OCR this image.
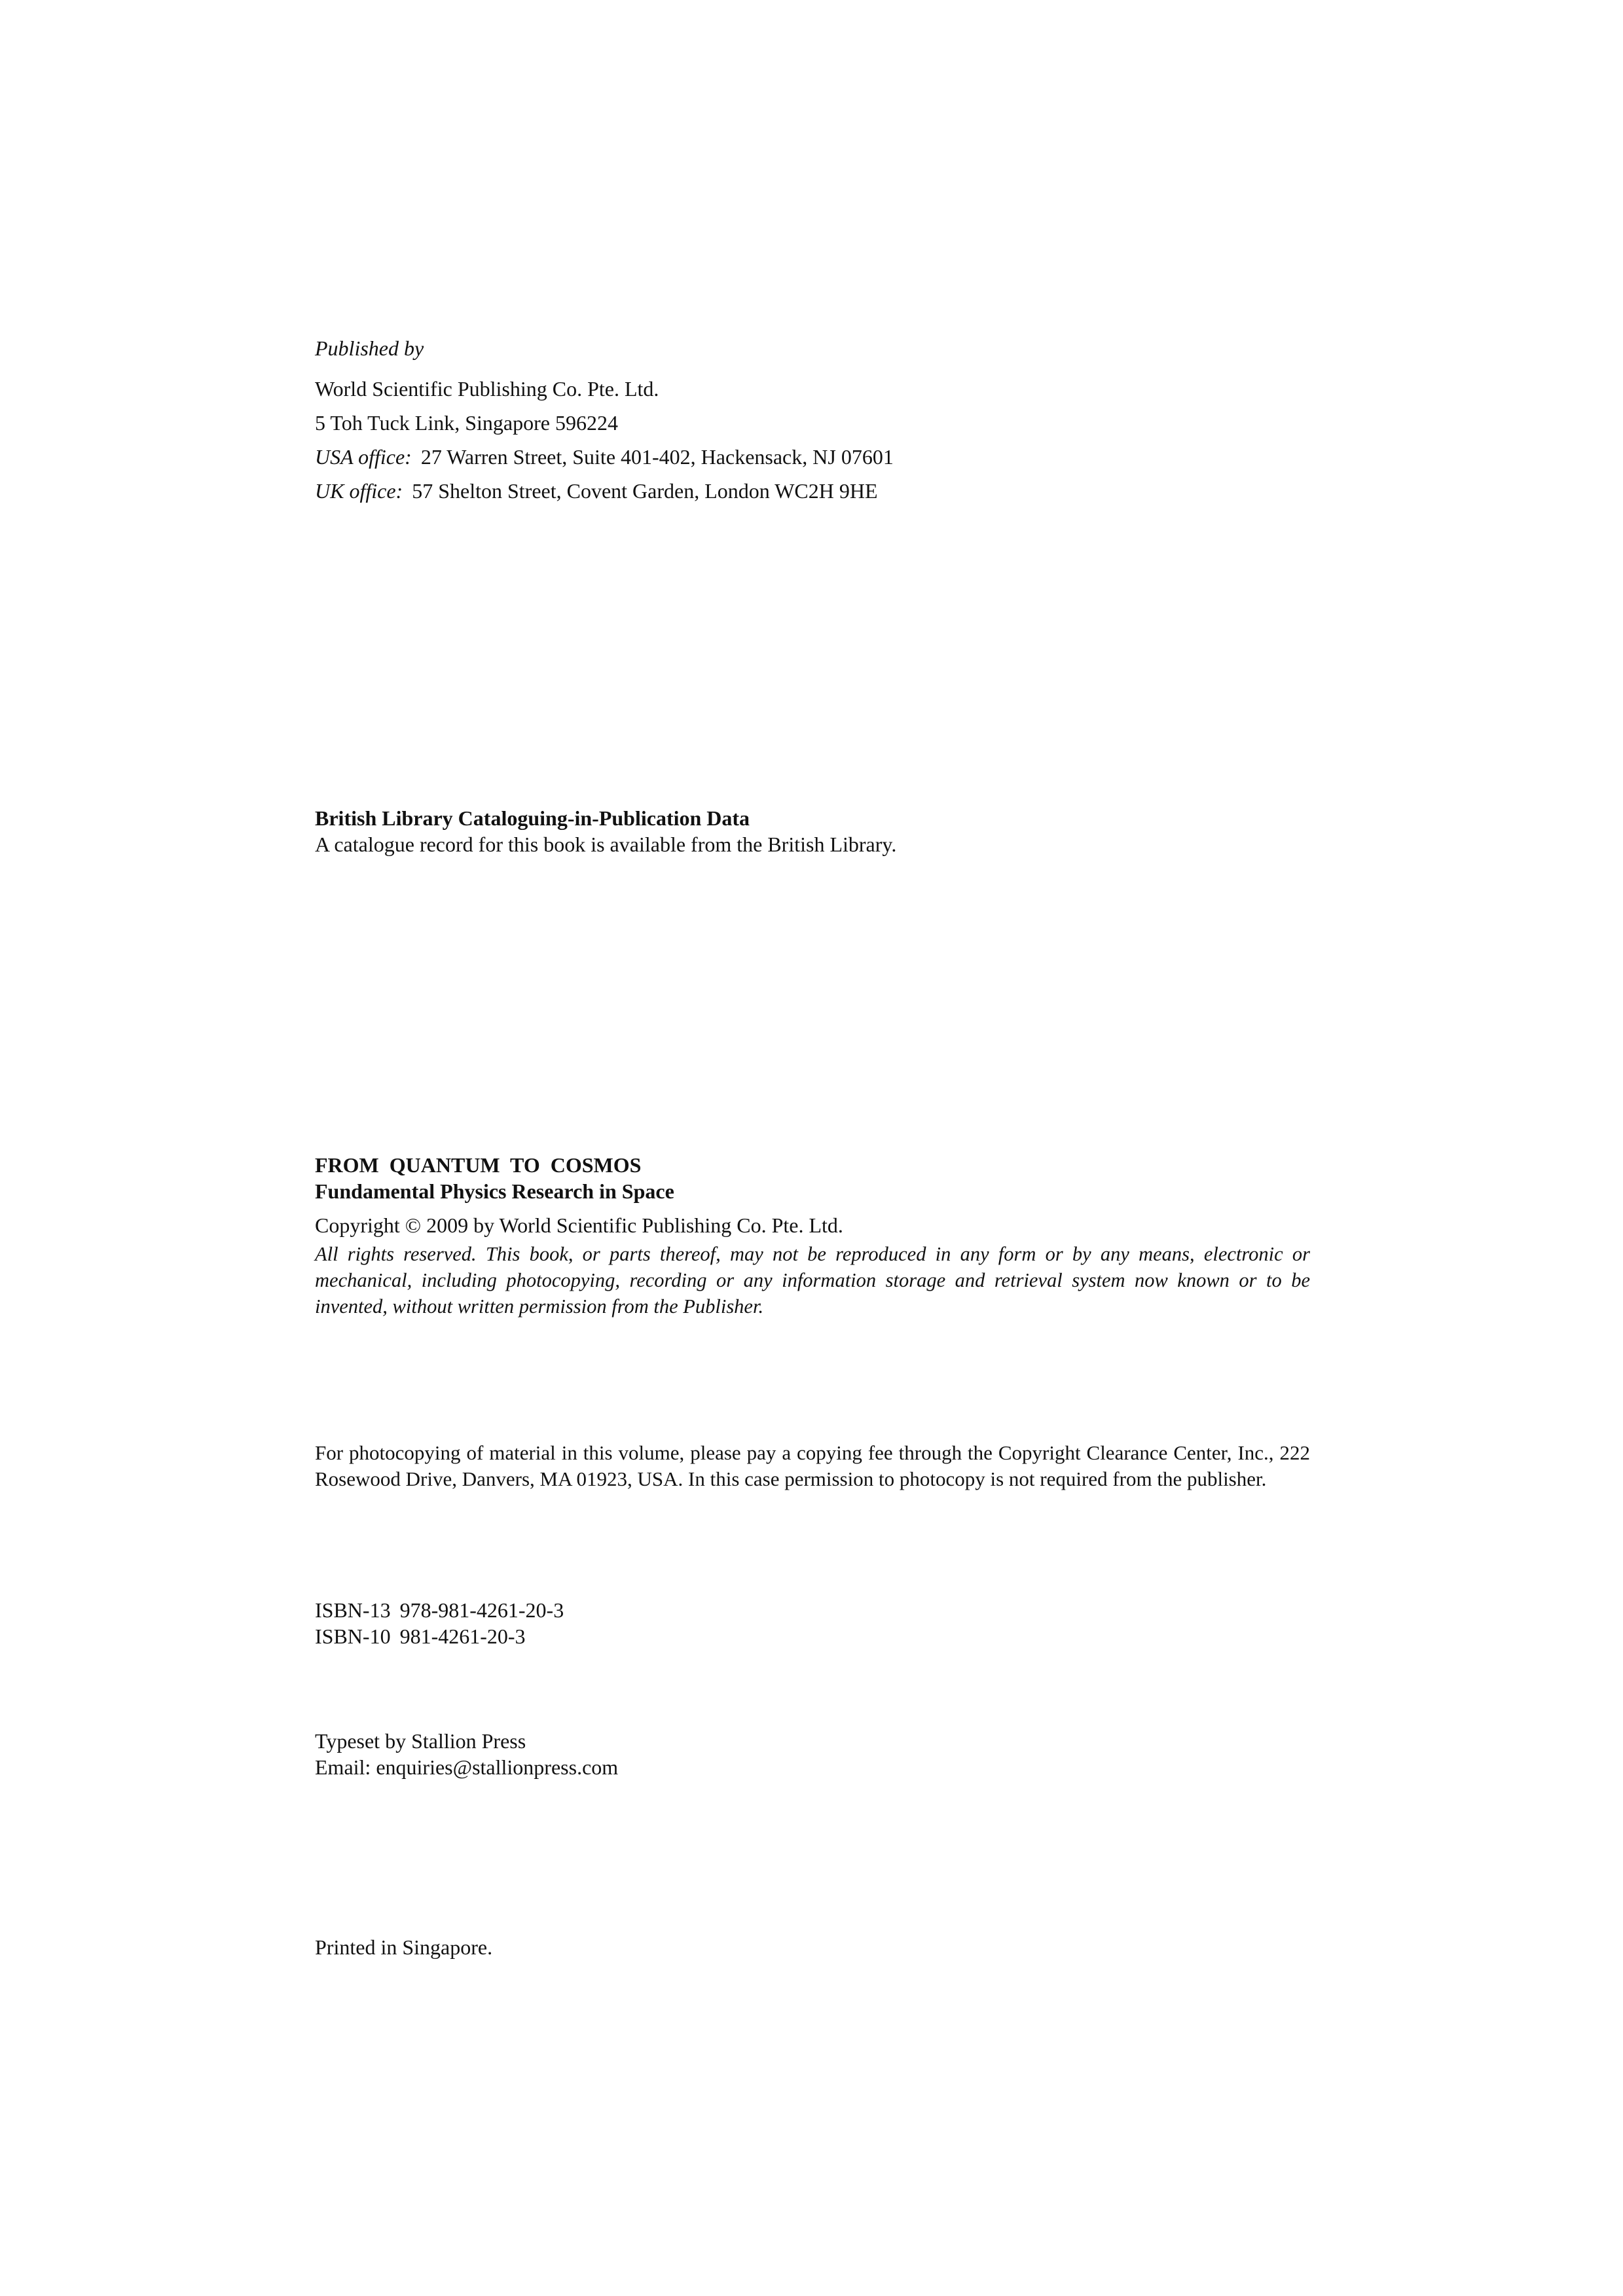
Published by
World Scientific Publishing Co. Pte. Ltd.
5 Toh Tuck Link, Singapore 596224
USA office: 27 Warren Street, Suite 401-402, Hackensack, NJ 07601
UK office: 57 Shelton Street, Covent Garden, London WC2H 9HE
British Library Cataloguing-in-Publication Data
A catalogue record for this book is available from the British Library.
FROM  QUANTUM  TO  COSMOS
Fundamental Physics Research in Space
Copyright © 2009 by World Scientific Publishing Co. Pte. Ltd.
All rights reserved. This book, or parts thereof, may not be reproduced in any form or by any means, electronic or mechanical, including photocopying, recording or any information storage and retrieval system now known or to be invented, without written permission from the Publisher.
For photocopying of material in this volume, please pay a copying fee through the Copyright Clearance Center, Inc., 222 Rosewood Drive, Danvers, MA 01923, USA. In this case permission to photocopy is not required from the publisher.
ISBN-13 978-981-4261-20-3
ISBN-10 981-4261-20-3
Typeset by Stallion Press
Email: enquiries@stallionpress.com
Printed in Singapore.
